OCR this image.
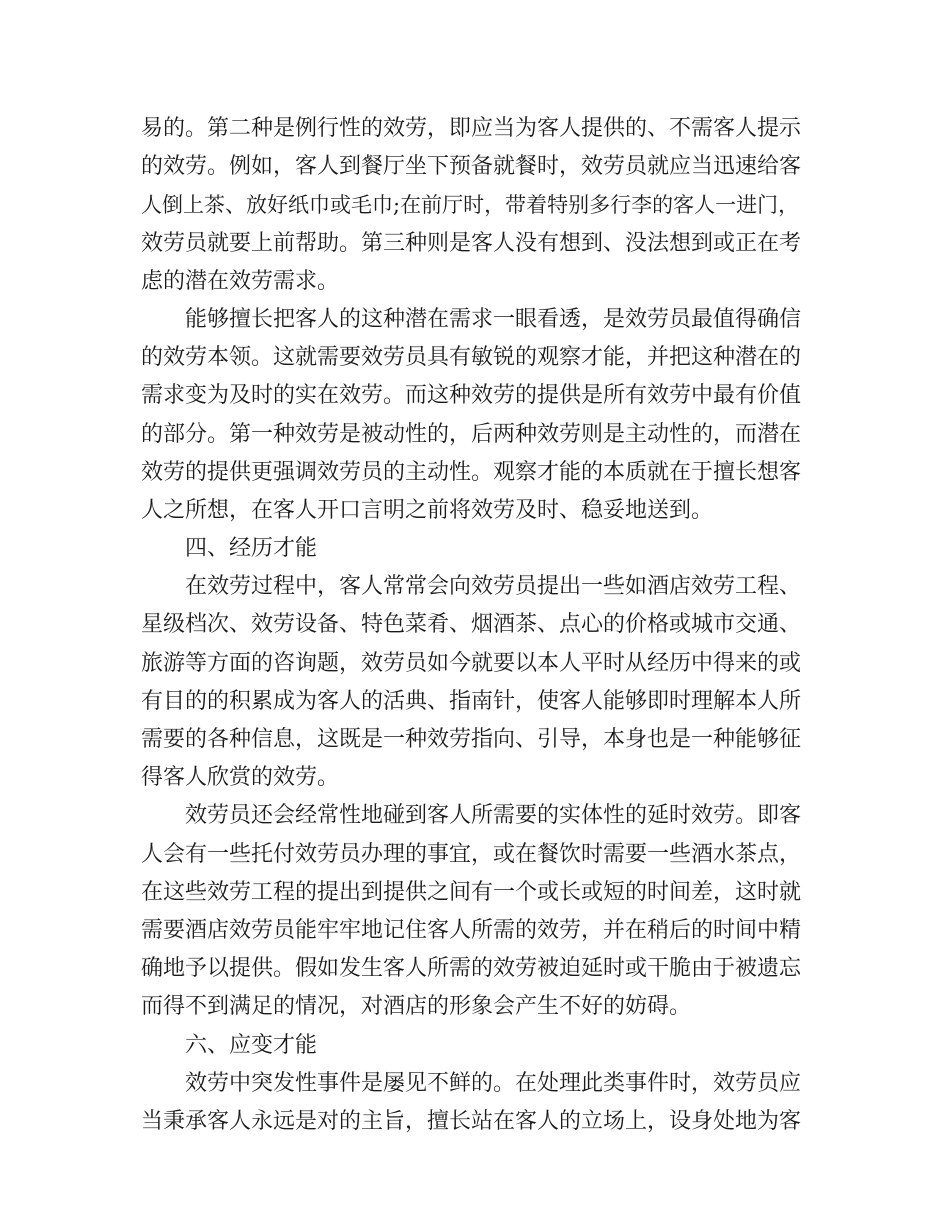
易的。第二种是例行性的效劳，即应当为客人提供的、不需客人提示
的效劳。例如，客人到餐厅坐下预备就餐时，效劳员就应当迅速给客
人倒上茶、放好纸巾或毛巾;在前厅时，带着特别多行李的客人一进门，
效劳员就要上前帮助。第三种则是客人没有想到、没法想到或正在考
虑的潜在效劳需求。
能够擅长把客人的这种潜在需求一眼看透，是效劳员最值得确信
的效劳本领。这就需要效劳员具有敏锐的观察才能，并把这种潜在的
需求变为及时的实在效劳。而这种效劳的提供是所有效劳中最有价值
的部分。第一种效劳是被动性的，后两种效劳则是主动性的，而潜在
效劳的提供更强调效劳员的主动性。观察才能的本质就在于擅长想客
人之所想，在客人开口言明之前将效劳及时、稳妥地送到。
四、经历才能
在效劳过程中，客人常常会向效劳员提出一些如酒店效劳工程、
星级档次、效劳设备、特色菜肴、烟酒茶、点心的价格或城市交通、
旅游等方面的咨询题，效劳员如今就要以本人平时从经历中得来的或
有目的的积累成为客人的活典、指南针，使客人能够即时理解本人所
需要的各种信息，这既是一种效劳指向、引导，本身也是一种能够征
得客人欣赏的效劳。
效劳员还会经常性地碰到客人所需要的实体性的延时效劳。即客
人会有一些托付效劳员办理的事宜，或在餐饮时需要一些酒水茶点，
在这些效劳工程的提出到提供之间有一个或长或短的时间差，这时就
需要酒店效劳员能牢牢地记住客人所需的效劳，并在稍后的时间中精
确地予以提供。假如发生客人所需的效劳被迫延时或干脆由于被遗忘
而得不到满足的情况，对酒店的形象会产生不好的妨碍。
六、应变才能
效劳中突发性事件是屡见不鲜的。在处理此类事件时，效劳员应
当秉承客人永远是对的主旨，擅长站在客人的立场上，设身处地为客
